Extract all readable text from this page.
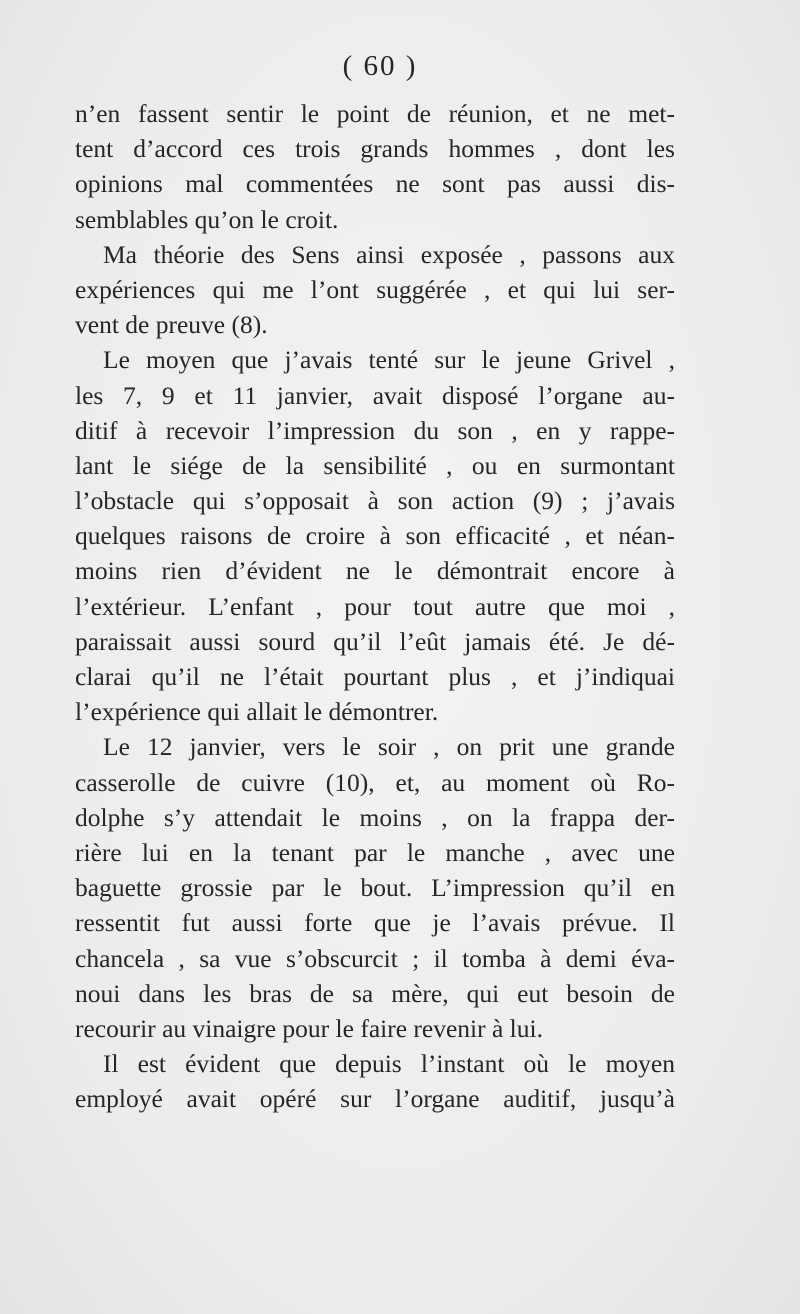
( 60 )
n’en fassent sentir le point de réunion, et ne met-
tent d’accord ces trois grands hommes , dont les
opinions mal commentées ne sont pas aussi dis-
semblables qu’on le croit.
Ma théorie des Sens ainsi exposée , passons aux
expériences qui me l’ont suggérée , et qui lui ser-
vent de preuve (8).
Le moyen que j’avais tenté sur le jeune Grivel ,
les 7, 9 et 11 janvier, avait disposé l’organe au-
ditif à recevoir l’impression du son , en y rappe-
lant le siége de la sensibilité , ou en surmontant
l’obstacle qui s’opposait à son action (9) ; j’avais
quelques raisons de croire à son efficacité , et néan-
moins rien d’évident ne le démontrait encore à
l’extérieur. L’enfant , pour tout autre que moi ,
paraissait aussi sourd qu’il l’eût jamais été. Je dé-
clarai qu’il ne l’était pourtant plus , et j’indiquai
l’expérience qui allait le démontrer.
Le 12 janvier, vers le soir , on prit une grande
casserolle de cuivre (10), et, au moment où Ro-
dolphe s’y attendait le moins , on la frappa der-
rière lui en la tenant par le manche , avec une
baguette grossie par le bout. L’impression qu’il en
ressentit fut aussi forte que je l’avais prévue. Il
chancela , sa vue s’obscurcit ; il tomba à demi éva-
noui dans les bras de sa mère, qui eut besoin de
recourir au vinaigre pour le faire revenir à lui.
Il est évident que depuis l’instant où le moyen
employé avait opéré sur l’organe auditif, jusqu’à
